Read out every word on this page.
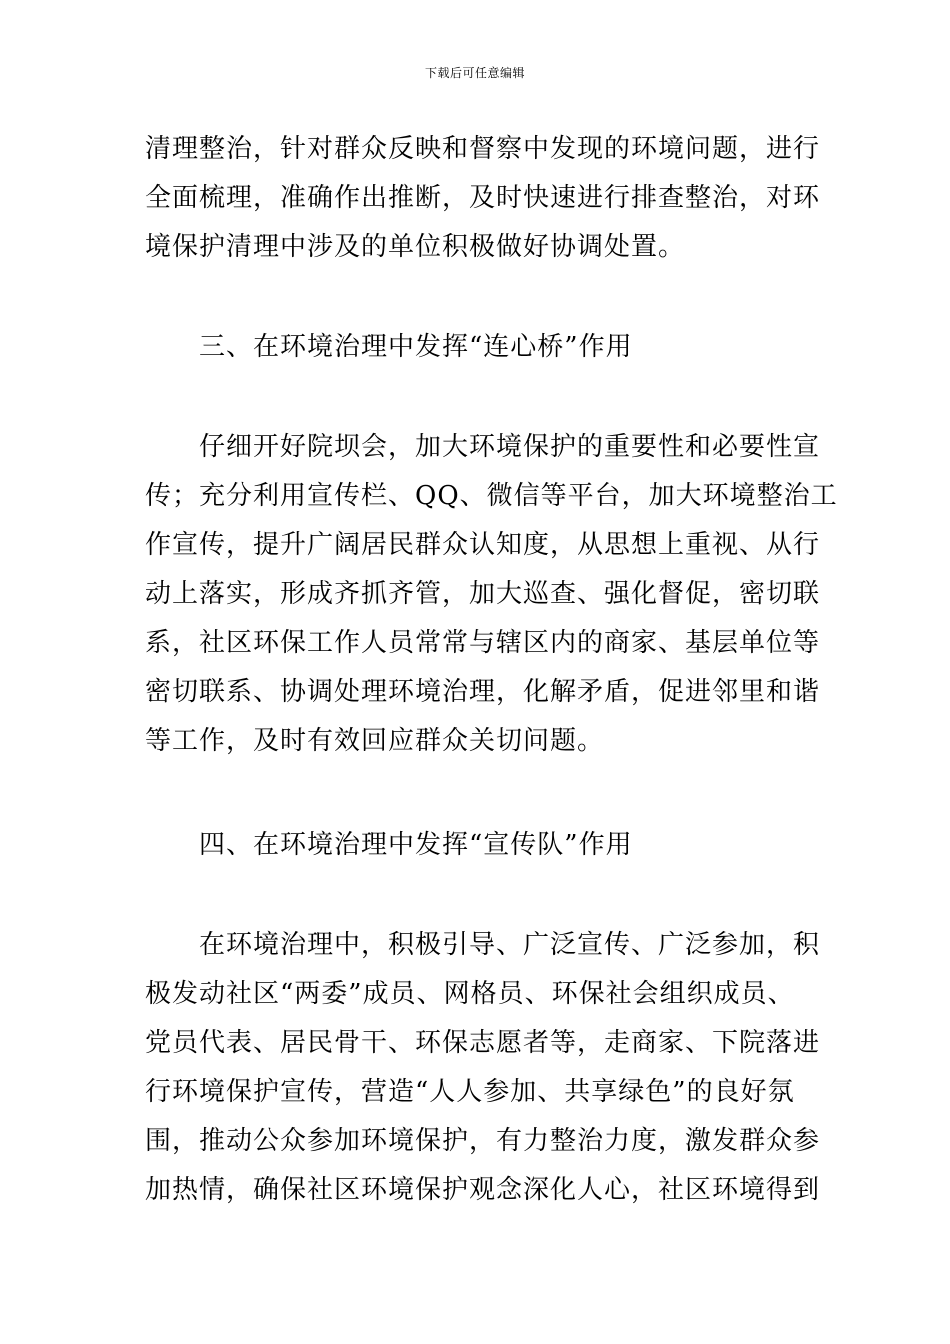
下载后可任意编辑
清理整治，针对群众反映和督察中发现的环境问题，进行
全面梳理，准确作出推断，及时快速进行排查整治，对环
境保护清理中涉及的单位积极做好协调处置。
三、在环境治理中发挥“连心桥”作用
仔细开好院坝会，加大环境保护的重要性和必要性宣
传；充分利用宣传栏、QQ、微信等平台，加大环境整治工
作宣传，提升广阔居民群众认知度，从思想上重视、从行
动上落实，形成齐抓齐管，加大巡查、强化督促，密切联
系，社区环保工作人员常常与辖区内的商家、基层单位等
密切联系、协调处理环境治理，化解矛盾，促进邻里和谐
等工作，及时有效回应群众关切问题。
四、在环境治理中发挥“宣传队”作用
在环境治理中，积极引导、广泛宣传、广泛参加，积
极发动社区“两委”成员、网格员、环保社会组织成员、
党员代表、居民骨干、环保志愿者等，走商家、下院落进
行环境保护宣传，营造“人人参加、共享绿色”的良好氛
围，推动公众参加环境保护，有力整治力度，激发群众参
加热情，确保社区环境保护观念深化人心，社区环境得到
